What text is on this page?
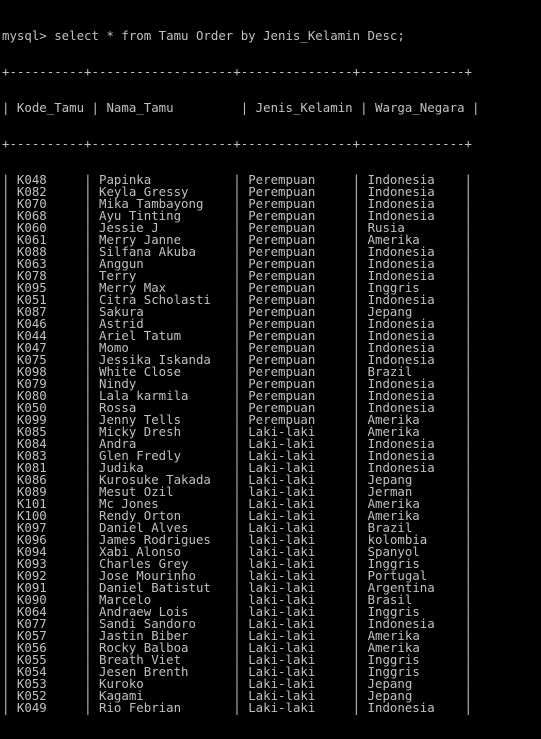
mysql> select * from Tamu Order by Jenis_Kelamin Desc;

+----------+-------------------+---------------+--------------+

| Kode_Tamu | Nama_Tamu         | Jenis_Kelamin | Warga_Negara |

+----------+-------------------+---------------+--------------+

| K048     | Papinka           | Perempuan     | Indonesia    |
| K082     | Keyla Gressy      | Perempuan     | Indonesia    |
| K070     | Mika Tambayong    | Perempuan     | Indonesia    |
| K068     | Ayu Tinting       | Perempuan     | Indonesia    |
| K060     | Jessie J          | Perempuan     | Rusia        |
| K061     | Merry Janne       | Perempuan     | Amerika      |
| K088     | Silfana Akuba     | Perempuan     | Indonesia    |
| K063     | Anggun            | Perempuan     | Indonesia    |
| K078     | Terry             | Perempuan     | Indonesia    |
| K095     | Merry Max         | Perempuan     | Inggris      |
| K051     | Citra Scholasti   | Perempuan     | Indonesia    |
| K087     | Sakura            | Perempuan     | Jepang       |
| K046     | Astrid            | Perempuan     | Indonesia    |
| K044     | Ariel Tatum       | Perempuan     | Indonesia    |
| K047     | Momo              | Perempuan     | Indonesia    |
| K075     | Jessika Iskanda   | Perempuan     | Indonesia    |
| K098     | White Close       | Perempuan     | Brazil       |
| K079     | Nindy             | Perempuan     | Indonesia    |
| K080     | Lala karmila      | Perempuan     | Indonesia    |
| K050     | Rossa             | Perempuan     | Indonesia    |
| K099     | Jenny Tells       | Perempuan     | Amerika      |
| K085     | Micky Dresh       | Laki-laki     | Amerika      |
| K084     | Andra             | Laki-laki     | Indonesia    |
| K083     | Glen Fredly       | Laki-laki     | Indonesia    |
| K081     | Judika            | Laki-laki     | Indonesia    |
| K086     | Kurosuke Takada   | Laki-laki     | Jepang       |
| K089     | Mesut Ozil        | laki-laki     | Jerman       |
| K101     | Mc Jones          | Laki-laki     | Amerika      |
| K100     | Rendy Orton       | Laki-laki     | Amerika      |
| K097     | Daniel Alves      | Laki-laki     | Brazil       |
| K096     | James Rodrigues   | laki-laki     | kolombia     |
| K094     | Xabi Alonso       | laki-laki     | Spanyol      |
| K093     | Charles Grey      | laki-laki     | Inggris      |
| K092     | Jose Mourinho     | laki-laki     | Portugal     |
| K091     | Daniel Batistut   | laki-laki     | Argentina    |
| K090     | Marcelo           | laki-laki     | Brasil       |
| K064     | Andraew Lois      | laki-laki     | Inggris      |
| K077     | Sandi Sandoro     | Laki-laki     | Indonesia    |
| K057     | Jastin Biber      | Laki-laki     | Amerika      |
| K056     | Rocky Balboa      | Laki-laki     | Amerika      |
| K055     | Breath Viet       | Laki-laki     | Inggris      |
| K054     | Jesen Brenth      | Laki-laki     | Inggris      |
| K053     | Kuroko            | Laki-laki     | Jepang       |
| K052     | Kagami            | Laki-laki     | Jepang       |
| K049     | Rio Febrian       | Laki-laki     | Indonesia    |
